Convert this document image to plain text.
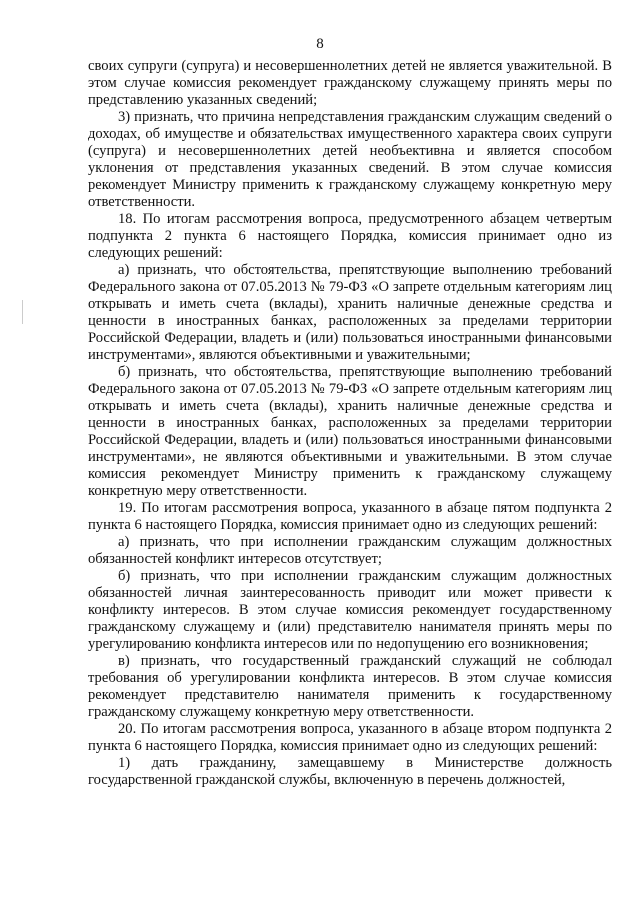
8

своих супруги (супруга) и несовершеннолетних детей не является уважительной. В этом случае комиссия рекомендует гражданскому служащему принять меры по представлению указанных сведений;

3) признать, что причина непредставления гражданским служащим сведений о доходах, об имуществе и обязательствах имущественного характера своих супруги (супруга) и несовершеннолетних детей необъективна и является способом уклонения от представления указанных сведений. В этом случае комиссия рекомендует Министру применить к гражданскому служащему конкретную меру ответственности.

18. По итогам рассмотрения вопроса, предусмотренного абзацем четвертым подпункта 2 пункта 6 настоящего Порядка, комиссия принимает одно из следующих решений:

а) признать, что обстоятельства, препятствующие выполнению требований Федерального закона от 07.05.2013 № 79-ФЗ «О запрете отдельным категориям лиц открывать и иметь счета (вклады), хранить наличные денежные средства и ценности в иностранных банках, расположенных за пределами территории Российской Федерации, владеть и (или) пользоваться иностранными финансовыми инструментами», являются объективными и уважительными;

б) признать, что обстоятельства, препятствующие выполнению требований Федерального закона от 07.05.2013 № 79-ФЗ «О запрете отдельным категориям лиц открывать и иметь счета (вклады), хранить наличные денежные средства и ценности в иностранных банках, расположенных за пределами территории Российской Федерации, владеть и (или) пользоваться иностранными финансовыми инструментами», не являются объективными и уважительными. В этом случае комиссия рекомендует Министру применить к гражданскому служащему конкретную меру ответственности.

19. По итогам рассмотрения вопроса, указанного в абзаце пятом подпункта 2 пункта 6 настоящего Порядка, комиссия принимает одно из следующих решений:

а) признать, что при исполнении гражданским служащим должностных обязанностей конфликт интересов отсутствует;

б) признать, что при исполнении гражданским служащим должностных обязанностей личная заинтересованность приводит или может привести к конфликту интересов. В этом случае комиссия рекомендует государственному гражданскому служащему и (или) представителю нанимателя принять меры по урегулированию конфликта интересов или по недопущению его возникновения;

в) признать, что государственный гражданский служащий не соблюдал требования об урегулировании конфликта интересов. В этом случае комиссия рекомендует представителю нанимателя применить к государственному гражданскому служащему конкретную меру ответственности.

20. По итогам рассмотрения вопроса, указанного в абзаце втором подпункта 2 пункта 6 настоящего Порядка, комиссия принимает одно из следующих решений:

1) дать гражданину, замещавшему в Министерстве должность государственной гражданской службы, включенную в перечень должностей,
